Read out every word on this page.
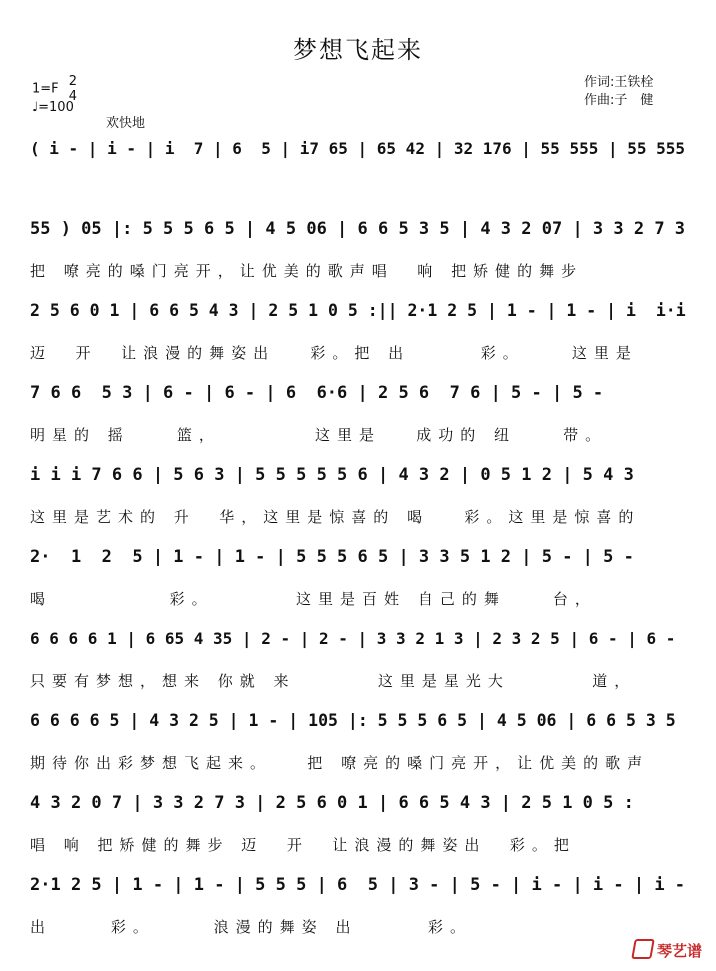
梦想飞起来
1=F 2
4
♩=100
欢快地
作词:王铁栓
作曲:子　健
( i - | i - | i  7 | 6  5 | i7 65 | 65 42 | 32 176 | 55 555 | 55 555
55 ) 05 |: 5 5 5 6 5 | 4 5 06 | 6 6 5 3 5 | 4 3 2 07 | 3 3 2 7 3
把 嘹亮的嗓门亮开，让优美的歌声唱  响 把矫健的舞步
2 5 6 0 1 | 6 6 5 4 3 | 2 5 1 0 5 :|| 2·1 2 5 | 1 - | 1 - | i  i·i
迈  开  让浪漫的舞姿出   彩。把 出      彩。    这里是
7 6 6  5 3 | 6 - | 6 - | 6  6·6 | 2 5 6  7 6 | 5 - | 5 -
明星的 摇    篮，        这里是   成功的 纽    带。
i i i 7 6 6 | 5 6 3 | 5 5 5 5 5 6 | 4 3 2 | 0 5 1 2 | 5 4 3
这里是艺术的 升  华，这里是惊喜的 喝   彩。这里是惊喜的
2·  1  2  5 | 1 - | 1 - | 5 5 5 6 5 | 3 3 5 1 2 | 5 - | 5 -
喝          彩。       这里是百姓 自己的舞    台，
6 6 6 6 1 | 6 65 4 35 | 2 - | 2 - | 3 3 2 1 3 | 2 3 2 5 | 6 - | 6 -
只要有梦想，想来 你就 来       这里是星光大       道，
6 6 6 6 5 | 4 3 2 5 | 1 - | 105 |: 5 5 5 6 5 | 4 5 06 | 6 6 5 3 5
期待你出彩梦想飞起来。   把 嘹亮的嗓门亮开，让优美的歌声
4 3 2 0 7 | 3 3 2 7 3 | 2 5 6 0 1 | 6 6 5 4 3 | 2 5 1 0 5 :
唱 响 把矫健的舞步 迈  开  让浪漫的舞姿出  彩。把
2·1 2 5 | 1 - | 1 - | 5 5 5 | 6  5 | 3 - | 5 - | i - | i - | i -
出     彩。     浪漫的舞姿 出      彩。
琴艺谱
